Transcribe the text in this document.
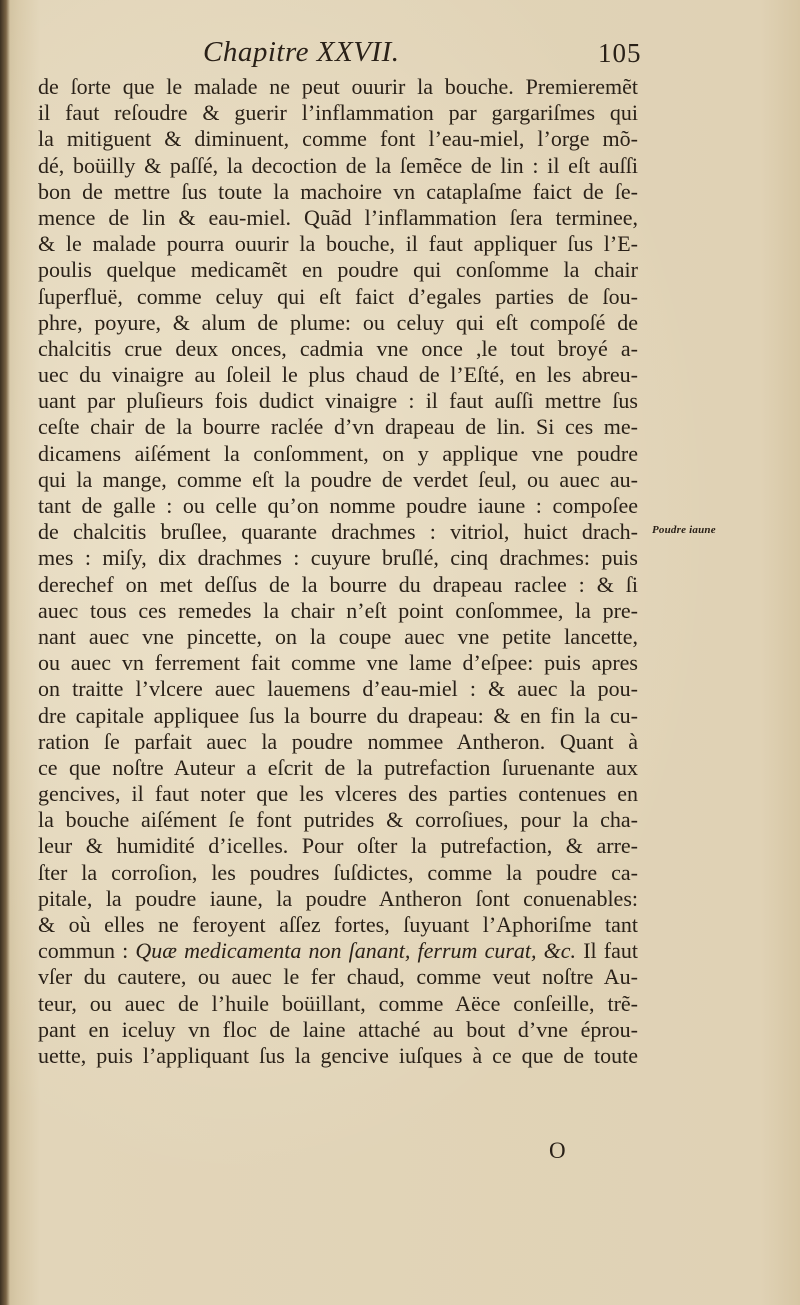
Chapitre XXVII.	105
de ſorte que le malade ne peut ouurir la bouche. Premieremẽt
il faut reſoudre & guerir l’inflammation par gargariſmes qui
la mitiguent & diminuent, comme font l’eau-miel, l’orge mõ-
dé, boüilly & paſſé, la decoction de la ſemẽce de lin : il eſt auſſi
bon de mettre ſus toute la machoire vn cataplaſme faict de ſe-
mence de lin & eau-miel. Quãd l’inflammation ſera terminee,
& le malade pourra ouurir la bouche, il faut appliquer ſus l’E-
poulis quelque medicamẽt en poudre qui conſomme la chair
ſuperfluë, comme celuy qui eſt faict d’egales parties de ſou-
phre, poyure, & alum de plume: ou celuy qui eſt compoſé de
chalcitis crue deux onces, cadmia vne once ,le tout broyé a-
uec du vinaigre au ſoleil le plus chaud de l’Eſté, en les abreu-
uant par pluſieurs fois dudict vinaigre : il faut auſſi mettre ſus
ceſte chair de la bourre raclée d’vn drapeau de lin. Si ces me-
dicamens aiſément la conſomment, on y applique vne poudre
qui la mange, comme eſt la poudre de verdet ſeul, ou auec au-
tant de galle : ou celle qu’on nomme poudre iaune : compoſee
de chalcitis bruſlee, quarante drachmes : vitriol, huict drach-
mes : miſy, dix drachmes : cuyure bruſlé, cinq drachmes: puis
derechef on met deſſus de la bourre du drapeau raclee : & ſi
auec tous ces remedes la chair n’eſt point conſommee, la pre-
nant auec vne pincette, on la coupe auec vne petite lancette,
ou auec vn ferrement fait comme vne lame d’eſpee: puis apres
on traitte l’vlcere auec lauemens d’eau-miel : & auec la pou-
dre capitale appliquee ſus la bourre du drapeau: & en fin la cu-
ration ſe parfait auec la poudre nommee Antheron. Quant à
ce que noſtre Auteur a eſcrit de la putrefaction ſuruenante aux
gencives, il faut noter que les vlceres des parties contenues en
la bouche aiſément ſe font putrides & corroſiues, pour la cha-
leur & humidité d’icelles. Pour oſter la putrefaction, & arre-
ſter la corroſion, les poudres ſuſdictes, comme la poudre ca-
pitale, la poudre iaune, la poudre Antheron ſont conuenables:
& où elles ne feroyent aſſez fortes, ſuyuant l’Aphoriſme tant
commun : Quæ medicamenta non ſanant, ferrum curat, &c. Il faut
vſer du cautere, ou auec le fer chaud, comme veut noſtre Au-
teur, ou auec de l’huile boüillant, comme Aëce conſeille, trẽ-
pant en iceluy vn floc de laine attaché au bout d’vne éprou-
uette, puis l’appliquant ſus la gencive iuſques à ce que de toute
Poudre iaune
O
